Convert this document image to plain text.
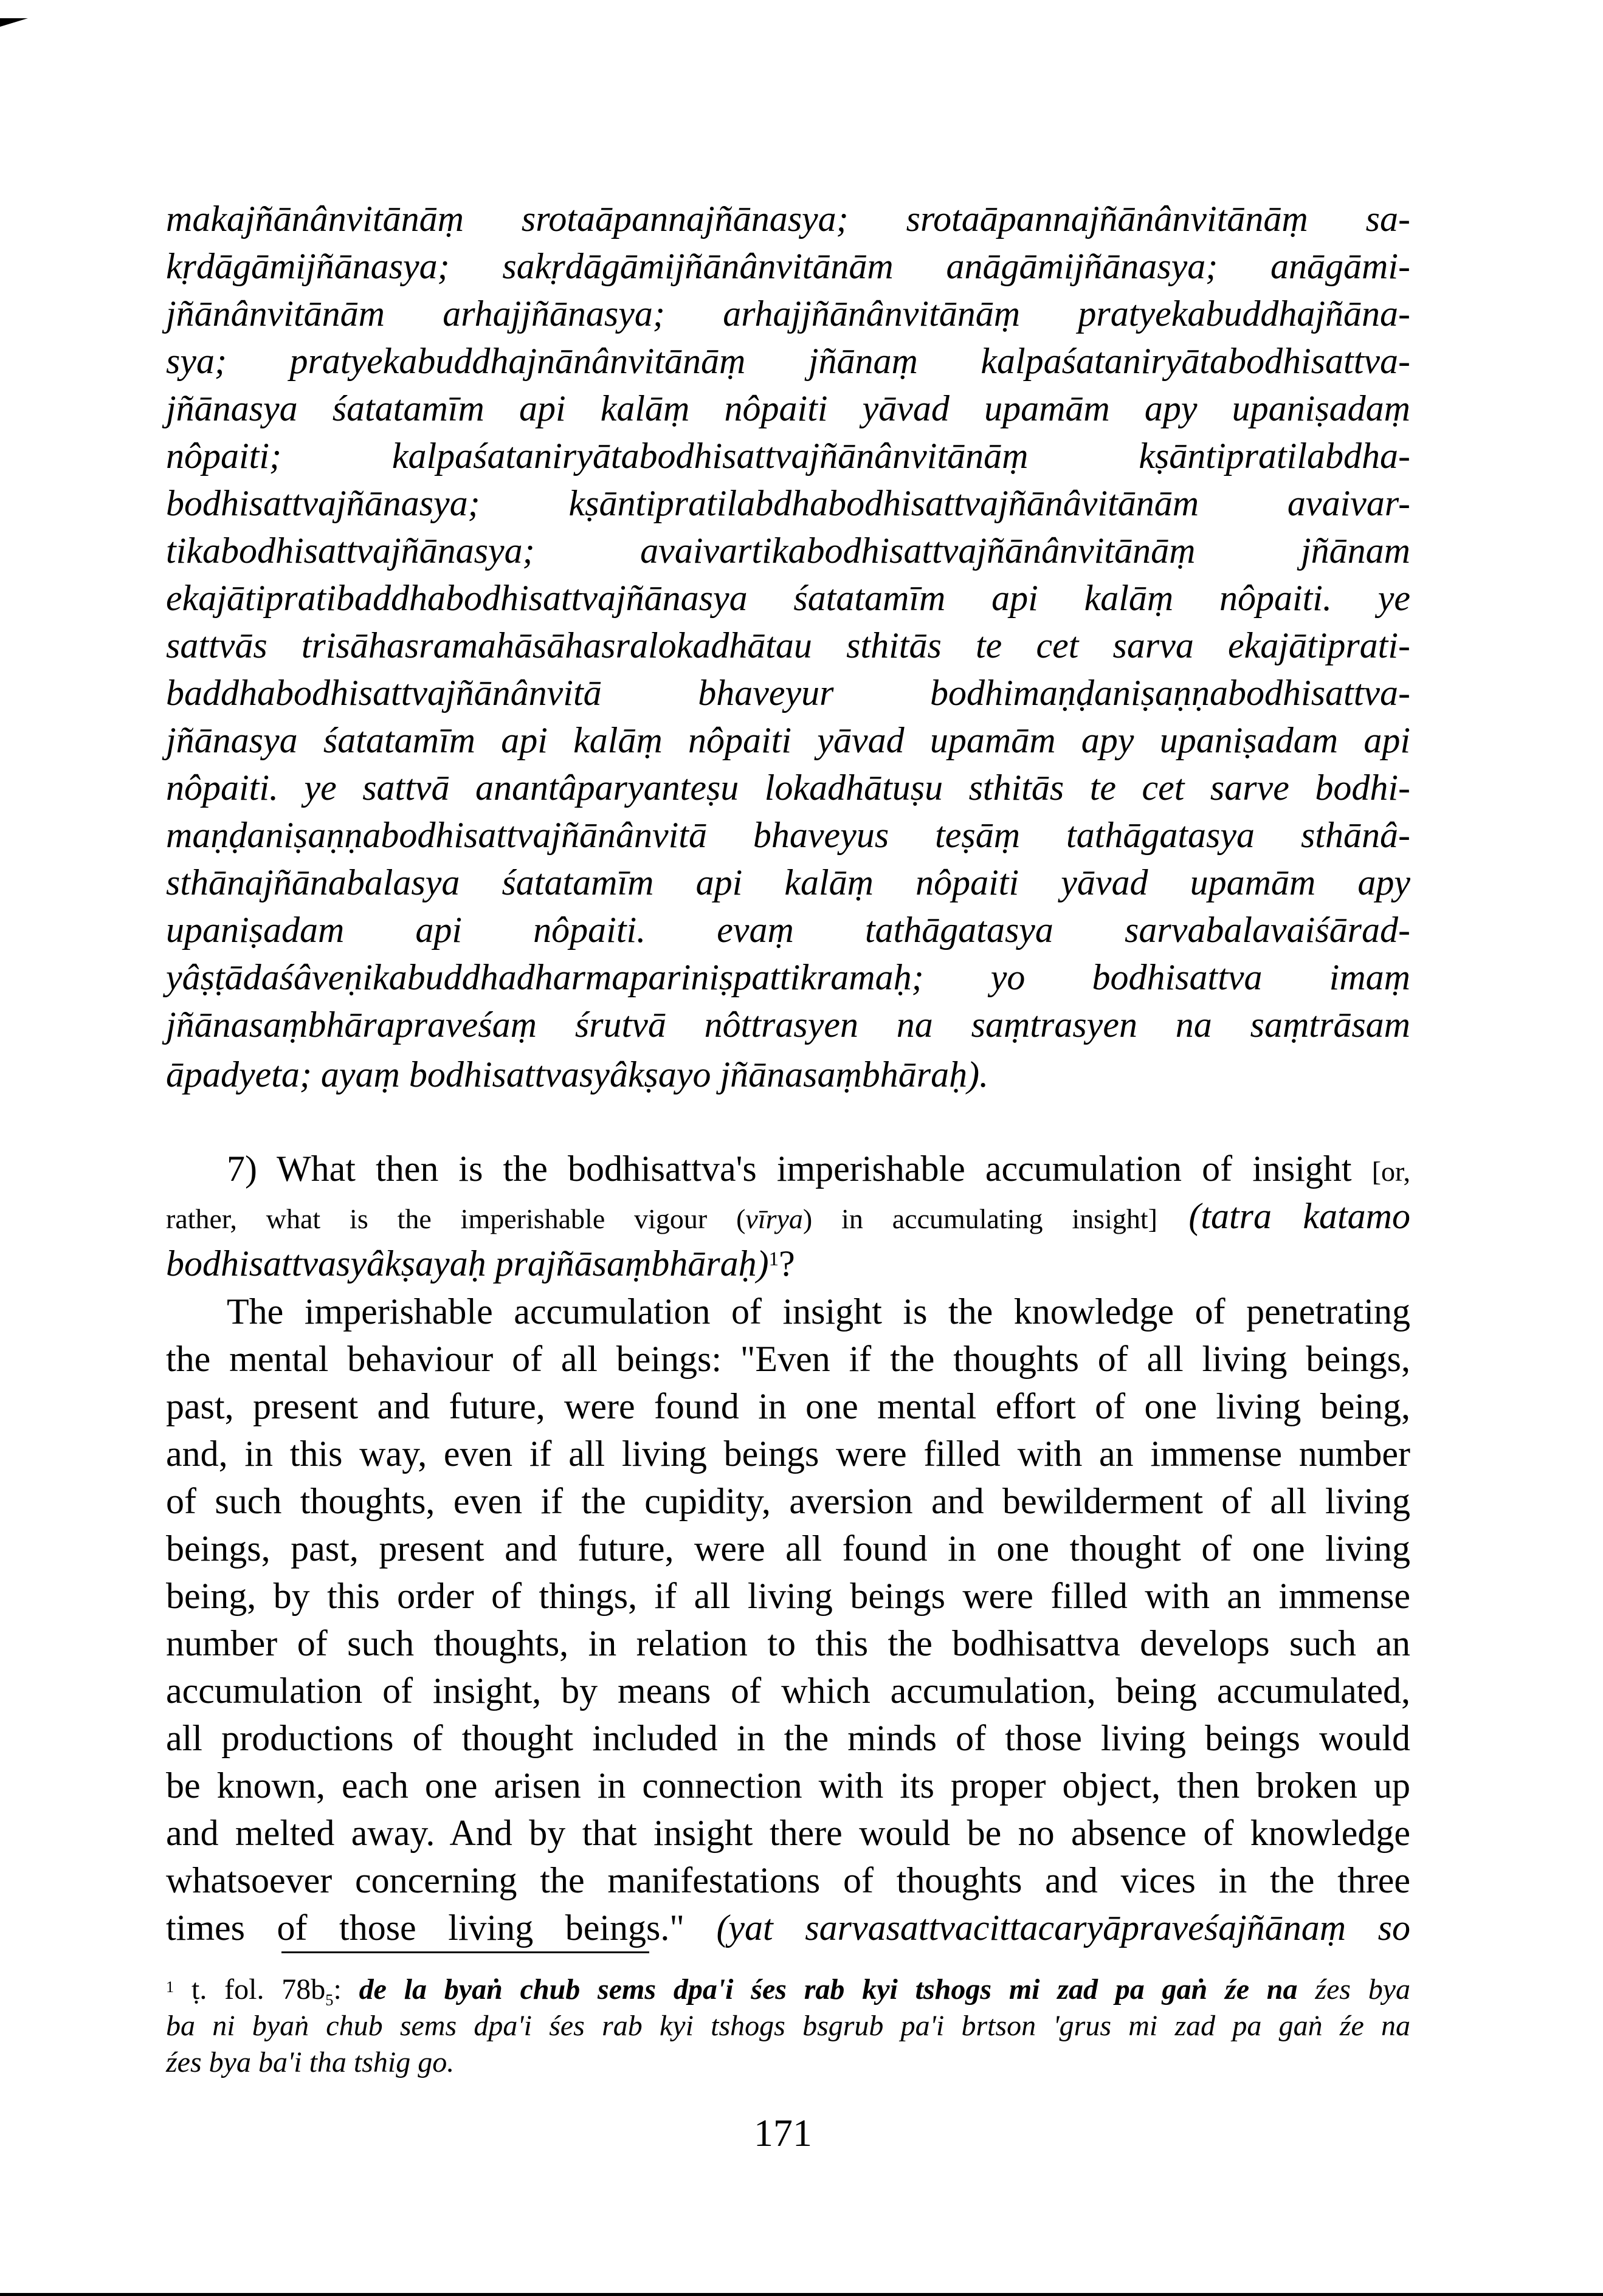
makajñānânvitānāṃ srotaāpannajñānasya; srotaāpannajñānânvitānāṃ sa-
kṛdāgāmijñānasya; sakṛdāgāmijñānânvitānām anāgāmijñānasya; anāgāmi-
jñānânvitānām arhajjñānasya; arhajjñānânvitānāṃ pratyekabuddhajñāna-
sya; pratyekabuddhajnānânvitānāṃ jñānaṃ kalpaśataniryātabodhisattva-
jñānasya śatatamīm api kalāṃ nôpaiti yāvad upamām apy upaniṣadaṃ
nôpaiti; kalpaśataniryātabodhisattvajñānânvitānāṃ kṣāntipratilabdha-
bodhisattvajñānasya; kṣāntipratilabdhabodhisattvajñānâvitānām avaivar-
tikabodhisattvajñānasya; avaivartikabodhisattvajñānânvitānāṃ jñānam
ekajātipratibaddhabodhisattvajñānasya śatatamīm api kalāṃ nôpaiti. ye
sattvās trisāhasramahāsāhasralokadhātau sthitās te cet sarva ekajātiprati-
baddhabodhisattvajñānânvitā bhaveyur bodhimaṇḍaniṣaṇṇabodhisattva-
jñānasya śatatamīm api kalāṃ nôpaiti yāvad upamām apy upaniṣadam api
nôpaiti. ye sattvā anantâparyanteṣu lokadhātuṣu sthitās te cet sarve bodhi-
maṇḍaniṣaṇṇabodhisattvajñānânvitā bhaveyus teṣāṃ tathāgatasya sthānâ-
sthānajñānabalasya śatatamīm api kalāṃ nôpaiti yāvad upamām apy
upaniṣadam api nôpaiti. evaṃ tathāgatasya sarvabalavaiśārad-
yâṣṭādaśâveṇikabuddhadharmapariniṣpattikramaḥ; yo bodhisattva imaṃ
jñānasaṃbhārapraveśaṃ śrutvā nôttrasyen na saṃtrasyen na saṃtrāsam
āpadyeta; ayaṃ bodhisattvasyâkṣayo jñānasaṃbhāraḥ).
7) What then is the bodhisattva's imperishable accumulation of insight [or,
rather, what is the imperishable vigour (vīrya) in accumulating insight] (tatra katamo
bodhisattvasyâkṣayaḥ prajñāsaṃbhāraḥ)$^1$?
The imperishable accumulation of insight is the knowledge of penetrating
the mental behaviour of all beings: "Even if the thoughts of all living beings,
past, present and future, were found in one mental effort of one living being,
and, in this way, even if all living beings were filled with an immense number
of such thoughts, even if the cupidity, aversion and bewilderment of all living
beings, past, present and future, were all found in one thought of one living
being, by this order of things, if all living beings were filled with an immense
number of such thoughts, in relation to this the bodhisattva develops such an
accumulation of insight, by means of which accumulation, being accumulated,
all productions of thought included in the minds of those living beings would
be known, each one arisen in connection with its proper object, then broken up
and melted away. And by that insight there would be no absence of knowledge
whatsoever concerning the manifestations of thoughts and vices in the three
times of those living beings." (yat sarvasattvacittacaryāpraveśajñānaṃ so
$^1$ ṭ. fol. $78b_5$: de la byaṅ chub sems dpa'i śes rab kyi tshogs mi zad pa gaṅ źe na źes bya
ba ni byaṅ chub sems dpa'i śes rab kyi tshogs bsgrub pa'i brtson 'grus mi zad pa gaṅ źe na
źes bya ba'i tha tshig go.
171
